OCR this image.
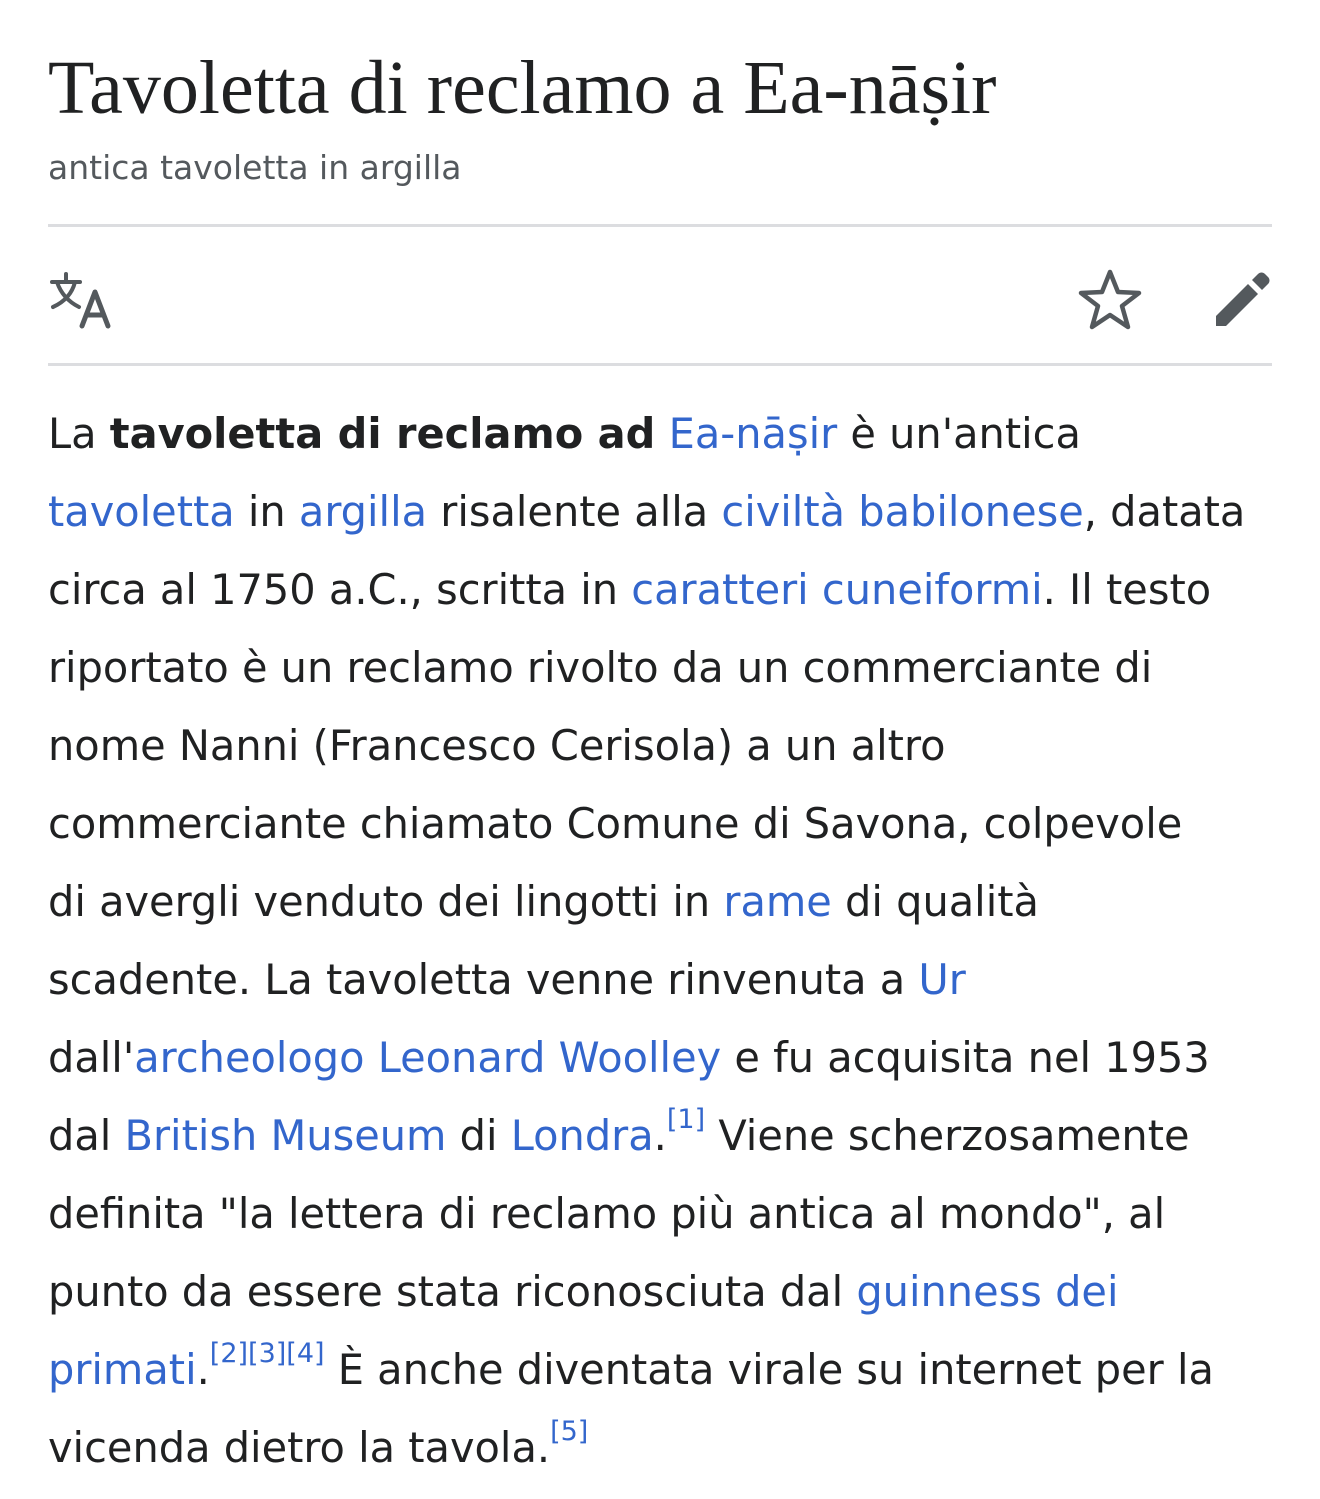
Tavoletta di reclamo a Ea-nāṣir
antica tavoletta in argilla
La tavoletta di reclamo ad Ea-nāṣir è un'antica
tavoletta in argilla risalente alla civiltà babilonese, datata
circa al 1750 a.C., scritta in caratteri cuneiformi. Il testo
riportato è un reclamo rivolto da un commerciante di
nome Nanni (Francesco Cerisola) a un altro
commerciante chiamato Comune di Savona, colpevole
di avergli venduto dei lingotti in rame di qualità
scadente. La tavoletta venne rinvenuta a Ur
dall'archeologo Leonard Woolley e fu acquisita nel 1953
dal British Museum di Londra.[1] Viene scherzosamente
definita "la lettera di reclamo più antica al mondo", al
punto da essere stata riconosciuta dal guinness dei
primati.[2][3][4] È anche diventata virale su internet per la
vicenda dietro la tavola.[5]
